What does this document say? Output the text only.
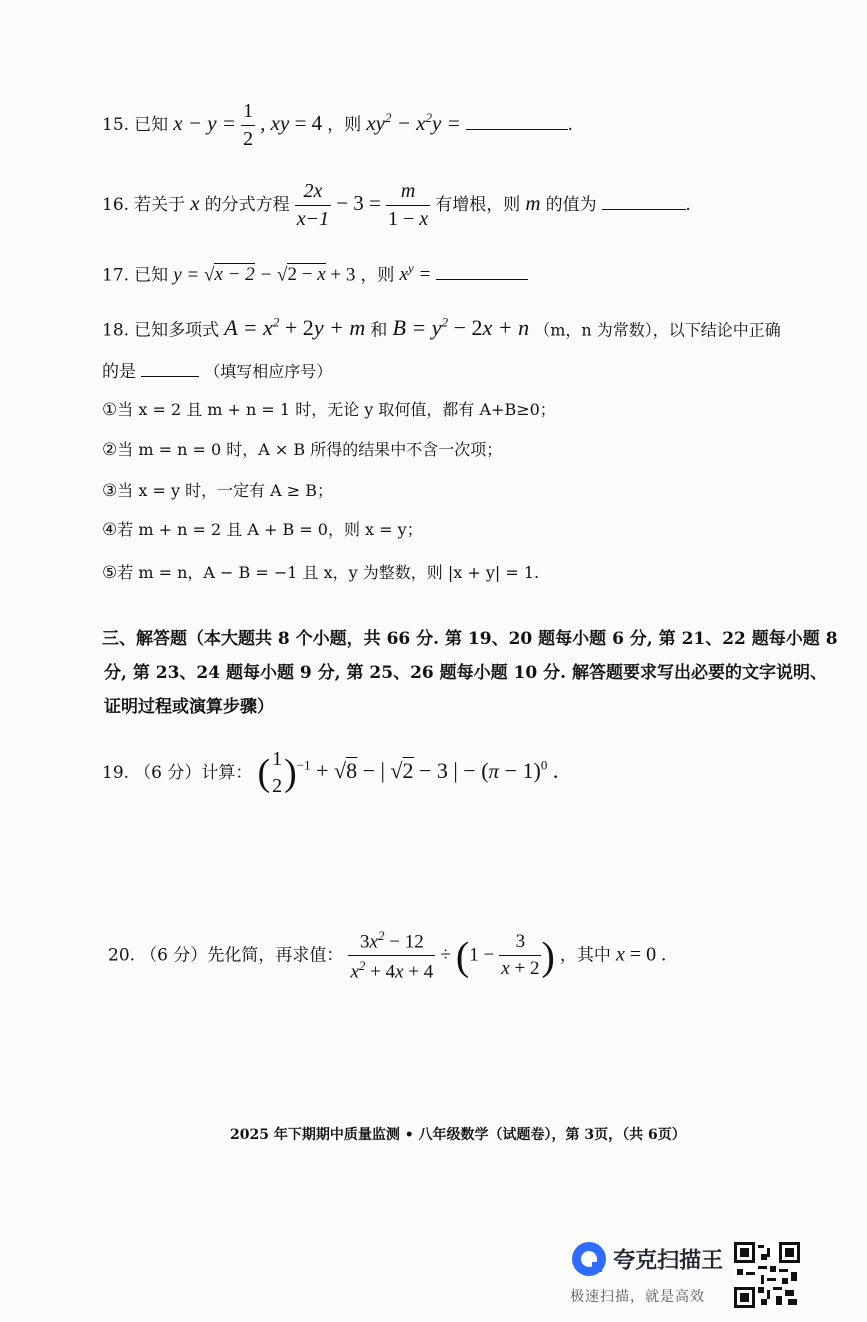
15. 已知 $x - y = \frac{1}{2}$ , xy = 4 ，则 $xy^2 - x^2y$ =	.
16. 若关于 x 的分式方程 $\frac{2x}{x-1} - 3 = \frac{m}{1 - x}$ 有增根，则 m 的值为	.
17. 已知 y = √x − 2 − √2 − x + 3 ，则 $x^y$ =
18. 已知多项式 $A = x^2 + 2y + m$ 和 $B = y^2 - 2x + n$ （m，n 为常数），以下结论中正确
的是	（填写相应序号）
①当 x = 2 且 m + n = 1 时，无论 y 取何值，都有 A+B≥0；
②当 m = n = 0 时，A × B 所得的结果中不含一次项；
③当 x = y 时，一定有 A ≥ B；
④若 m + n = 2 且 A + B = 0，则 x = y；
⑤若 m = n，A − B = −1 且 x，y 为整数，则 |x + y| = 1.
三、解答题（本大题共 8 个小题，共 66 分. 第 19、20 题每小题 6 分, 第 21、22 题每小题 8
分, 第 23、24 题每小题 9 分, 第 25、26 题每小题 10 分. 解答题要求写出必要的文字说明、
证明过程或演算步骤）
19. （6 分）计算： ( 1
2 )$^{-1}$ + √8 − | √2 − 3 | − $(\pi - 1)^0$ .
20. （6 分）先化简，再求值： $\frac{3x^2 - 12}{x^2 + 4x + 4} \div (1 - \frac{3}{x + 2}$ ) ，其中 x = 0 .
2025 年下期期中质量监测 • 八年级数学（试题卷），第 3页，（共 6页）
夸克扫描王
极速扫描，就是高效
